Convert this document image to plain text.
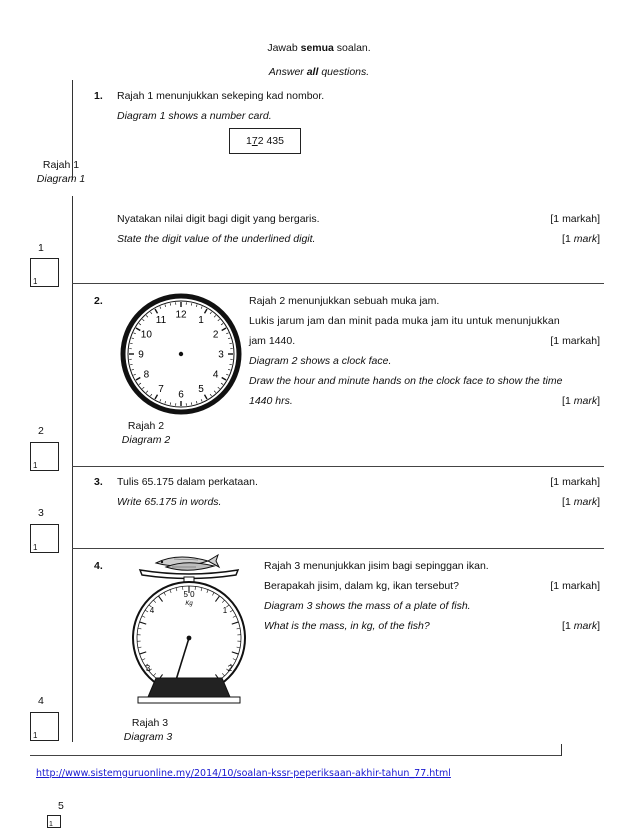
Jawab semua soalan.
Answer all questions.
1. Rajah 1 menunjukkan sekeping kad nombor.
Diagram 1 shows a number card.
172 435
Rajah 1
Diagram 1
Nyatakan nilai digit bagi digit yang bergaris.	[1 markah]
State the digit value of the underlined digit.	[1 mark]
1
1
2.
12 1
2
3
4
5
6
7
8
9
10
11
Rajah 2 menunjukkan sebuah muka jam.
Lukis jarum jam dan minit pada muka jam itu untuk menunjukkan
jam 1440.	[1 markah]
Diagram 2 shows a clock face.
Draw the hour and minute hands on the clock face to show the time
1440 hrs.	[1 mark]
Rajah 2
Diagram 2
2
1
3. Tulis 65.175 dalam perkataan.	[1 markah]
Write 65.175 in words.	[1 mark]
3
1
4.
5 0
Kg
1
2
3
4
Rajah 3 menunjukkan jisim bagi sepinggan ikan.
Berapakah jisim, dalam kg, ikan tersebut?	[1 markah]
Diagram 3 shows the mass of a plate of fish.
What is the mass, in kg, of the fish?	[1 mark]
Rajah 3
Diagram 3
4
1
http://www.sistemguruonline.my/2014/10/soalan-kssr-peperiksaan-akhir-tahun_77.html
5
1
